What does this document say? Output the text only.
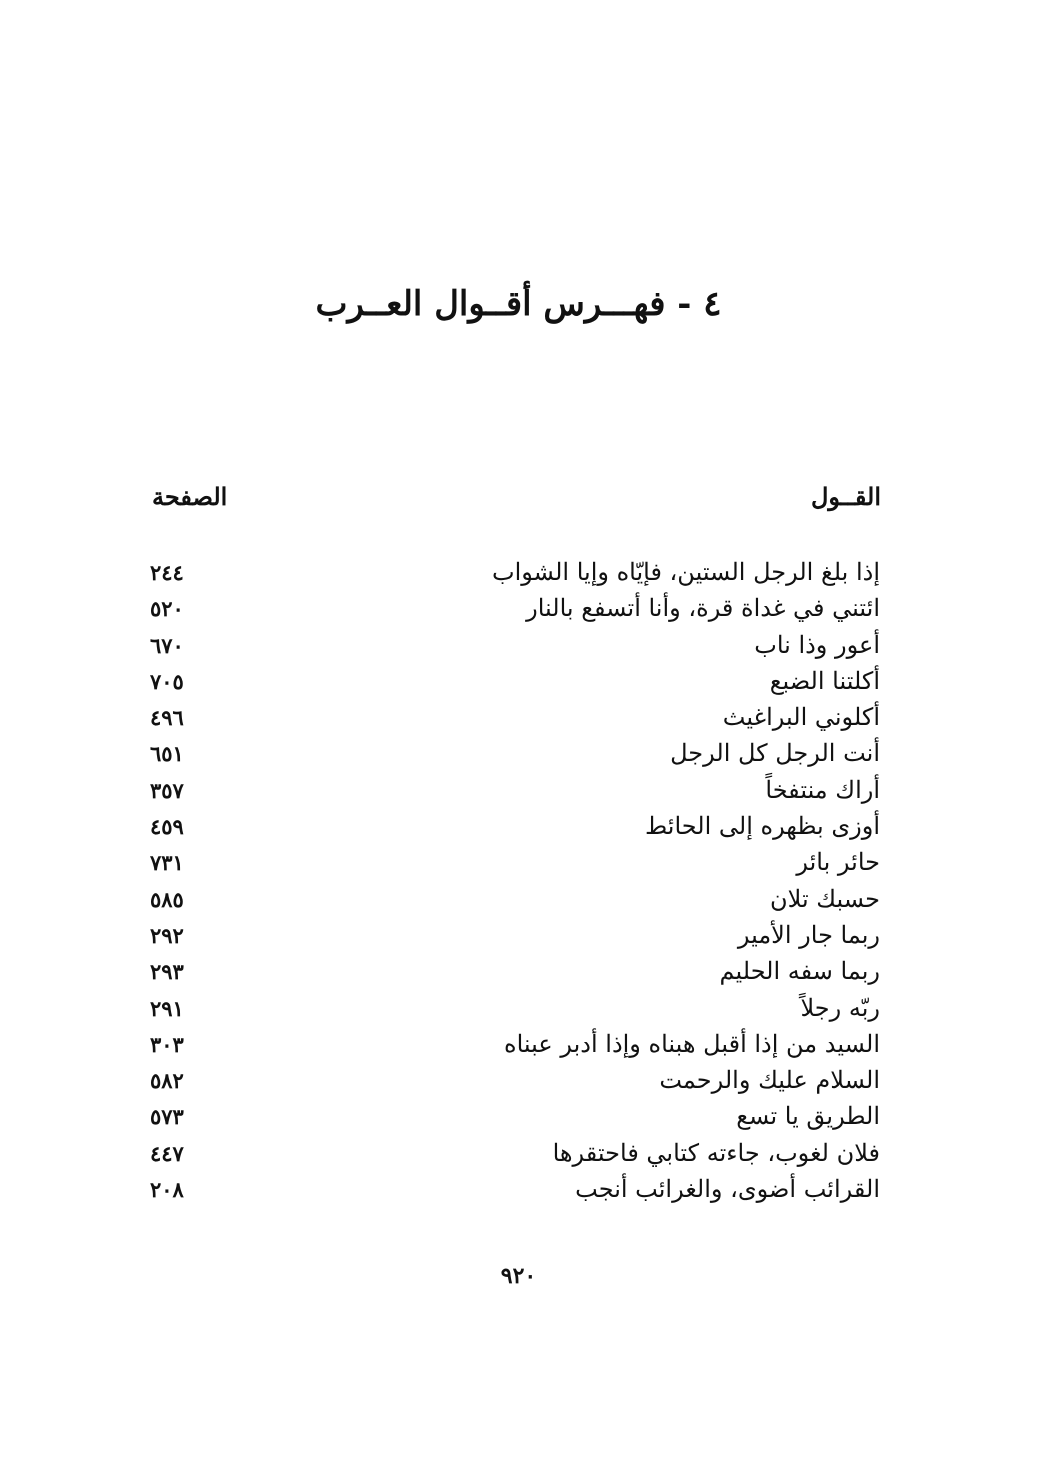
٤ - فهـــرس أقــوال العــرب
القــول
الصفحة
إذا بلغ الرجل الستين، فإيّاه وإيا الشواب
٢٤٤
ائتني في غداة قرة، وأنا أتسفع بالنار
٥٢٠
أعور وذا ناب
٦٧٠
أكلتنا الضبع
٧٠٥
أكلوني البراغيث
٤٩٦
أنت الرجل كل الرجل
٦٥١
أراك منتفخاً
٣٥٧
أوزى بظهره إلى الحائط
٤٥٩
حائر بائر
٧٣١
حسبك تلان
٥٨٥
ربما جار الأمير
٢٩٢
ربما سفه الحليم
٢٩٣
ربّه رجلاً
٢٩١
السيد من إذا أقبل هبناه وإذا أدبر عبناه
٣٠٣
السلام عليك والرحمت
٥٨٢
الطريق يا تسع
٥٧٣
فلان لغوب، جاءته كتابي فاحتقرها
٤٤٧
القرائب أضوى، والغرائب أنجب
٢٠٨
٩٢٠
